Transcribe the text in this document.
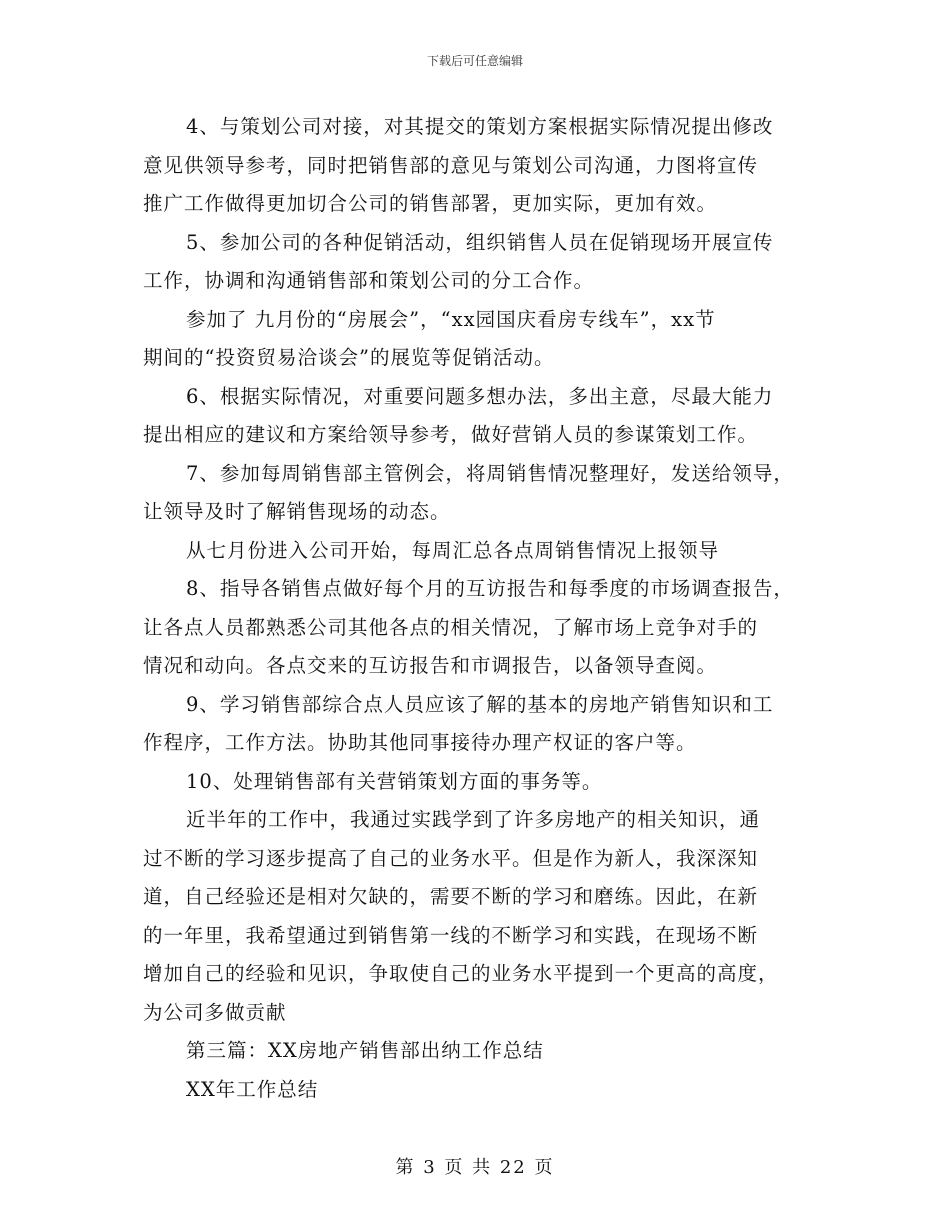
下载后可任意编辑

4、与策划公司对接，对其提交的策划方案根据实际情况提出修改
意见供领导参考，同时把销售部的意见与策划公司沟通，力图将宣传
推广工作做得更加切合公司的销售部署，更加实际，更加有效。

5、参加公司的各种促销活动，组织销售人员在促销现场开展宣传
工作，协调和沟通销售部和策划公司的分工合作。

参加了 九月份的“房展会”，“xx园国庆看房专线车”，xx节
期间的“投资贸易洽谈会”的展览等促销活动。

6、根据实际情况，对重要问题多想办法，多出主意，尽最大能力
提出相应的建议和方案给领导参考，做好营销人员的参谋策划工作。

7、参加每周销售部主管例会，将周销售情况整理好，发送给领导，
让领导及时了解销售现场的动态。

从七月份进入公司开始，每周汇总各点周销售情况上报领导

8、指导各销售点做好每个月的互访报告和每季度的市场调查报告，
让各点人员都熟悉公司其他各点的相关情况，了解市场上竞争对手的
情况和动向。各点交来的互访报告和市调报告，以备领导查阅。

9、学习销售部综合点人员应该了解的基本的房地产销售知识和工
作程序，工作方法。协助其他同事接待办理产权证的客户等。

10、处理销售部有关营销策划方面的事务等。

近半年的工作中，我通过实践学到了许多房地产的相关知识，通
过不断的学习逐步提高了自己的业务水平。但是作为新人，我深深知
道，自己经验还是相对欠缺的，需要不断的学习和磨练。因此，在新
的一年里，我希望通过到销售第一线的不断学习和实践，在现场不断
增加自己的经验和见识，争取使自己的业务水平提到一个更高的高度，
为公司多做贡献

第三篇：XX房地产销售部出纳工作总结

XX年工作总结

第 3 页 共 22 页
